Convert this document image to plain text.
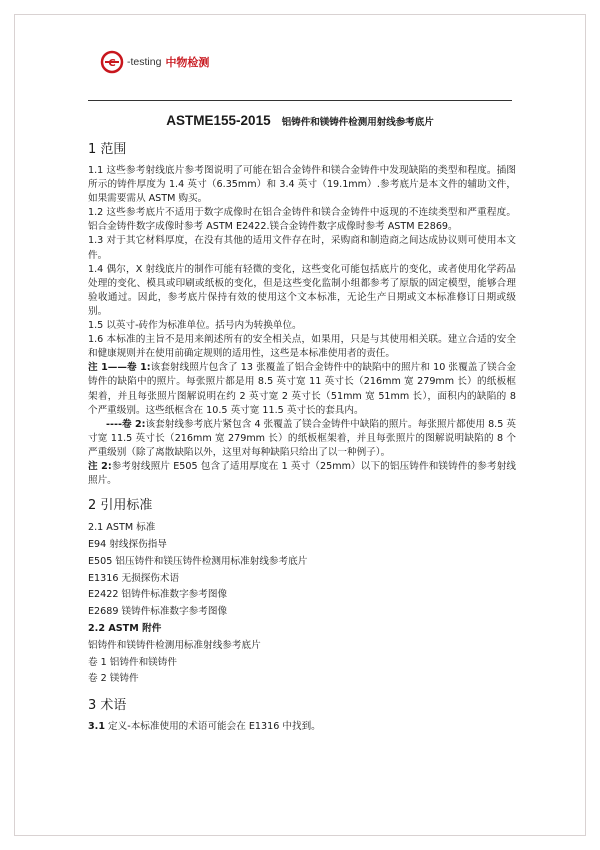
C -testing 中物检测
ASTME155-2015 铝铸件和镁铸件检测用射线参考底片

1 范围

1.1 这些参考射线底片参考图说明了可能在铝合金铸件和镁合金铸件中发现缺陷的类型和程度。插图所示的铸件厚度为 1.4 英寸（6.35mm）和 3.4 英寸（19.1mm）.参考底片是本文件的辅助文件，如果需要需从 ASTM 购买。

1.2 这些参考底片不适用于数字成像时在铝合金铸件和镁合金铸件中返现的不连续类型和严重程度。铝合金铸件数字成像时参考 ASTM E2422.镁合金铸件数字成像时参考 ASTM E2869。

1.3 对于其它材料厚度，在没有其他的适用文件存在时，采购商和制造商之间达成协议则可使用本文件。

1.4 偶尔，X 射线底片的制作可能有轻微的变化，这些变化可能包括底片的变化，或者使用化学药品处理的变化、模具或印刷或纸板的变化，但是这些变化监制小组都参考了原版的固定模型，能够合理验收通过。因此，参考底片保持有效的使用这个文本标准，无论生产日期或文本标准修订日期或级别。

1.5 以英寸-砖作为标准单位。括号内为转换单位。

1.6 本标准的主旨不是用来阐述所有的安全相关点，如果用，只是与其使用相关联。建立合适的安全和健康规则并在使用前确定规则的适用性，这些是本标准使用者的责任。

注 1——卷 1:该套射线照片包含了 13 张覆盖了铝合金铸件中的缺陷中的照片和 10 张覆盖了镁合金铸件的缺陷中的照片。每张照片都是用 8.5 英寸宽 11 英寸长（216mm 宽 279mm 长）的纸板框架着，并且每张照片图解说明在约 2 英寸宽 2 英寸长（51mm 宽 51mm 长），面积内的缺陷的 8 个严重级别。这些纸框含在 10.5 英寸宽 11.5 英寸长的套具内。

----卷 2:该套射线参考底片紧包含 4 张覆盖了镁合金铸件中缺陷的照片。每张照片都使用 8.5 英寸宽 11.5 英寸长（216mm 宽 279mm 长）的纸板框架着，并且每张照片的图解说明缺陷的 8 个严重级别（除了离散缺陷以外，这里对每种缺陷只给出了以一种例子）。

注 2:参考射线照片 E505 包含了适用厚度在 1 英寸（25mm）以下的铝压铸件和镁铸件的参考射线照片。

2 引用标准

2.1 ASTM 标准

E94 射线探伤指导

E505 铝压铸件和镁压铸件检测用标准射线参考底片

E1316 无损探伤术语

E2422 铝铸件标准数字参考图像

E2689 镁铸件标准数字参考图像

2.2 ASTM 附件

铝铸件和镁铸件检测用标准射线参考底片

卷 1 铝铸件和镁铸件

卷 2 镁铸件

3 术语

3.1 定义-本标准使用的术语可能会在 E1316 中找到。
